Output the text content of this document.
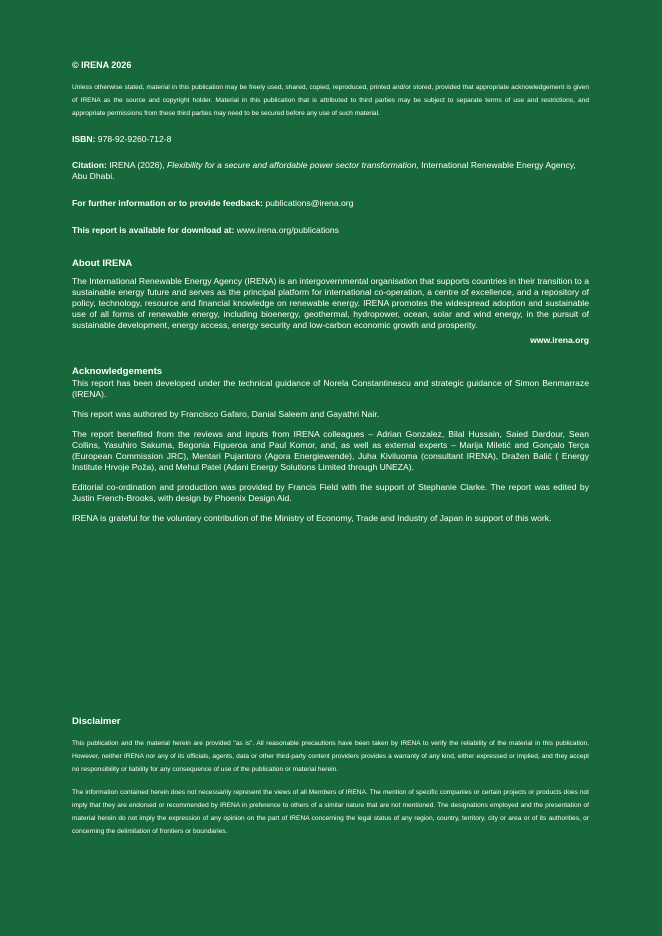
© IRENA 2026

Unless otherwise stated, material in this publication may be freely used, shared, copied, reproduced, printed and/or stored, provided that appropriate acknowledgement is given of IRENA as the source and copyright holder. Material in this publication that is attributed to third parties may be subject to separate terms of use and restrictions, and appropriate permissions from these third parties may need to be secured before any use of such material.

ISBN: 978-92-9260-712-8

Citation: IRENA (2026), Flexibility for a secure and affordable power sector transformation, International Renewable Energy Agency, Abu Dhabi.

For further information or to provide feedback: publications@irena.org

This report is available for download at: www.irena.org/publications

About IRENA

The International Renewable Energy Agency (IRENA) is an intergovernmental organisation that supports countries in their transition to a sustainable energy future and serves as the principal platform for international co-operation, a centre of excellence, and a repository of policy, technology, resource and financial knowledge on renewable energy. IRENA promotes the widespread adoption and sustainable use of all forms of renewable energy, including bioenergy, geothermal, hydropower, ocean, solar and wind energy, in the pursuit of sustainable development, energy access, energy security and low-carbon economic growth and prosperity.

www.irena.org

Acknowledgements

This report has been developed under the technical guidance of Norela Constantinescu and strategic guidance of Simon Benmarraze (IRENA).

This report was authored by Francisco Gafaro, Danial Saleem and Gayathri Nair.

The report benefited from the reviews and inputs from IRENA colleagues – Adrian Gonzalez, Bilal Hussain, Saied Dardour, Sean Collins, Yasuhiro Sakuma, Begonia Figueroa and Paul Komor, and, as well as external experts – Marija Miletić and Gonçalo Terça (European Commission JRC), Mentari Pujantoro (Agora Energiewende), Juha Kiviluoma (consultant IRENA), Dražen Balić ( Energy Institute Hrvoje Poža), and Mehul Patel (Adani Energy Solutions Limited through UNEZA).

Editorial co-ordination and production was provided by Francis Field with the support of Stephanie Clarke. The report was edited by Justin French-Brooks, with design by Phoenix Design Aid.

IRENA is grateful for the voluntary contribution of the Ministry of Economy, Trade and Industry of Japan in support of this work.

Disclaimer

This publication and the material herein are provided "as is". All reasonable precautions have been taken by IRENA to verify the reliability of the material in this publication. However, neither IRENA nor any of its officials, agents, data or other third-party content providers provides a warranty of any kind, either expressed or implied, and they accept no responsibility or liability for any consequence of use of the publication or material herein.

The information contained herein does not necessarily represent the views of all Members of IRENA. The mention of specific companies or certain projects or products does not imply that they are endorsed or recommended by IRENA in preference to others of a similar nature that are not mentioned. The designations employed and the presentation of material herein do not imply the expression of any opinion on the part of IRENA concerning the legal status of any region, country, territory, city or area or of its authorities, or concerning the delimitation of frontiers or boundaries.
